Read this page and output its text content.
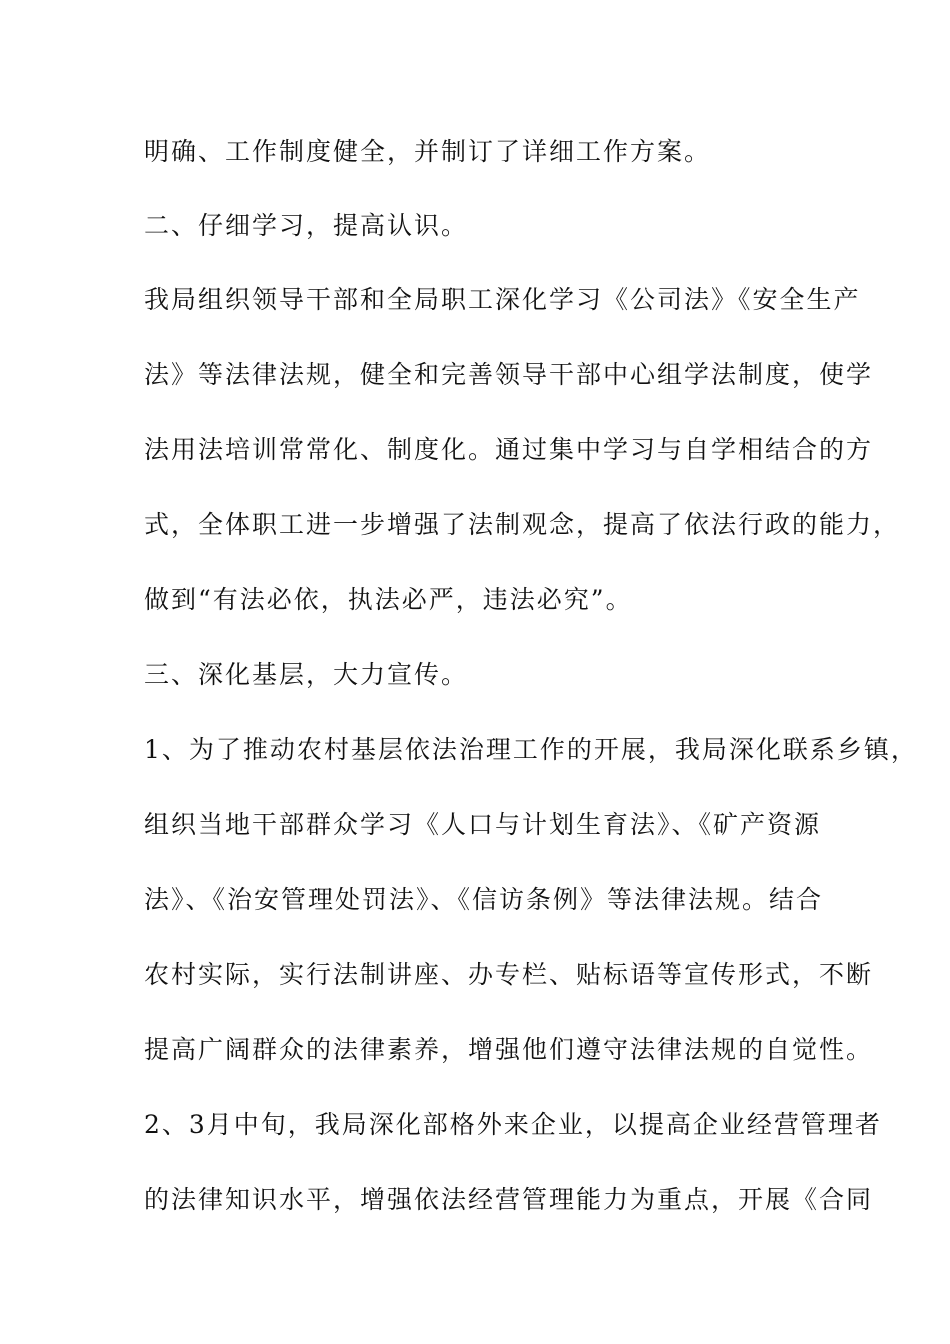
明确、工作制度健全，并制订了详细工作方案。
二、仔细学习，提高认识。
我局组织领导干部和全局职工深化学习《公司法》《安全生产
法》等法律法规，健全和完善领导干部中心组学法制度，使学
法用法培训常常化、制度化。通过集中学习与自学相结合的方
式，全体职工进一步增强了法制观念，提高了依法行政的能力，
做到“有法必依，执法必严，违法必究”。
三、深化基层，大力宣传。
1、为了推动农村基层依法治理工作的开展，我局深化联系乡镇，
组织当地干部群众学习《人口与计划生育法》、《矿产资源
法》、《治安管理处罚法》、《信访条例》等法律法规。结合
农村实际，实行法制讲座、办专栏、贴标语等宣传形式，不断
提高广阔群众的法律素养，增强他们遵守法律法规的自觉性。
2、3月中旬，我局深化部格外来企业，以提高企业经营管理者
的法律知识水平，增强依法经营管理能力为重点，开展《合同
